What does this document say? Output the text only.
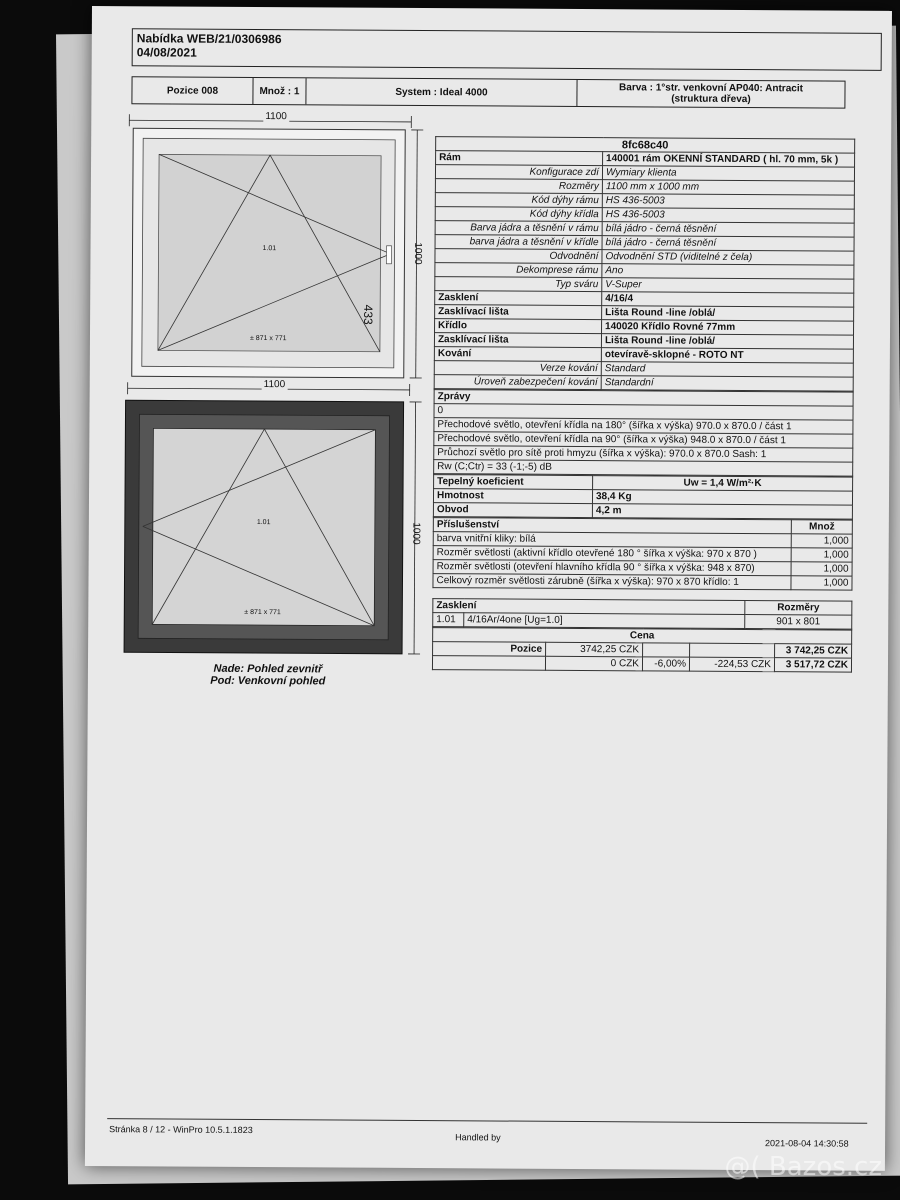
Nabídka WEB/21/0306986
04/08/2021
Pozice 008	Množ : 1	System : Ideal 4000	Barva : 1°str. venkovní AP040: Antracit
(struktura dřeva)
1100
1000
433
1.01
± 871 x 771
1100
1000
1.01
± 871 x 771
Nade: Pohled zevnitř
Pod: Venkovní pohled
8fc68c40	
Rám	140001 rám OKENNÍ STANDARD ( hl. 70 mm, 5k )
Konfigurace zdí	Wymiary klienta
Rozměry	1100 mm x 1000 mm
Kód dýhy rámu	HS 436-5003
Kód dýhy křídla	HS 436-5003
Barva jádra a těsnění v rámu	bílá jádro - černá těsnění
barva jádra a těsnění v křídle	bílá jádro - černá těsnění
Odvodnění	Odvodnění STD (viditelné z čela)
Dekomprese rámu	Ano
Typ sváru	V-Super
Zasklení	4/16/4
Zasklívací lišta	Lišta Round -line /oblá/
Křídlo	140020 Křídlo Rovné 77mm
Zasklívací lišta	Lišta Round -line /oblá/
Kování	otevíravě-sklopné - ROTO NT
Verze kování	Standard
Úroveň zabezpečení kování	Standardní
Zprávy
0
Přechodové světlo, otevření křídla na 180° (šířka x výška) 970.0 x 870.0 / část 1
Přechodové světlo, otevření křídla na 90° (šířka x výška) 948.0 x 870.0 / část 1
Průchozí světlo pro sítě proti hmyzu (šířka x výška): 970.0 x 870.0 Sash: 1
Rw (C;Ctr) = 33 (-1;-5) dB
Tepelný koeficient	Uw = 1,4 W/m²·K
Hmotnost	38,4 Kg
Obvod	4,2 m
Příslušenství	Množ
barva vnitřní kliky: bílá	1,000
Rozměr světlosti (aktivní křídlo otevřené 180 ° šířka x výška: 970 x 870 )	1,000
Rozměr světlosti (otevření hlavního křídla 90 ° šířka x výška: 948 x 870)	1,000
Celkový rozměr světlosti zárubně (šířka x výška): 970 x 870 křídlo: 1	1,000
Zasklení		Rozměry
1.01	4/16Ar/4one [Ug=1.0]	901 x 801
Cena				
Pozice	3742,25 CZK			3 742,25 CZK
	0 CZK	-6,00%	-224,53 CZK	3 517,72 CZK
Stránka 8 / 12 - WinPro 10.5.1.1823
Handled by
2021-08-04 14:30:58
@( Bazos.cz
